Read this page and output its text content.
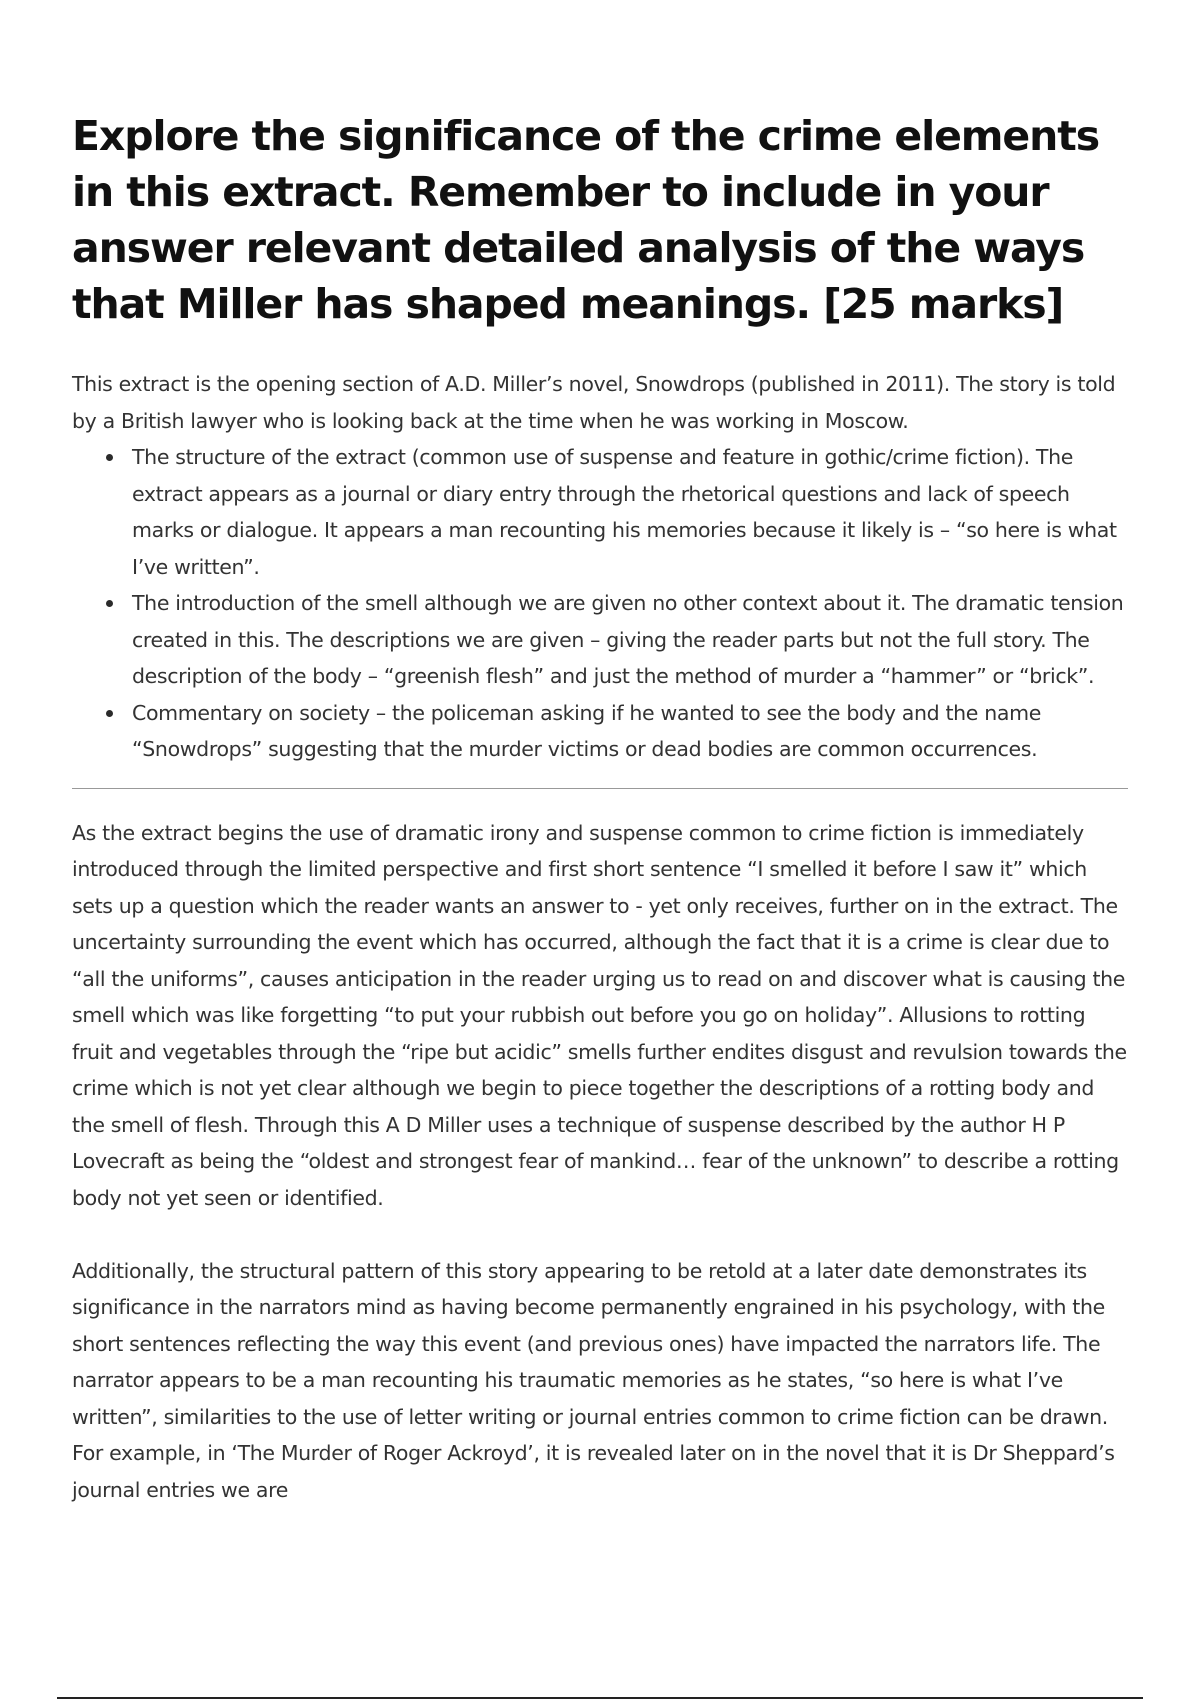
Explore the significance of the crime elements in this extract. Remember to include in your answer relevant detailed analysis of the ways that Miller has shaped meanings. [25 marks]

This extract is the opening section of A.D. Miller’s novel, Snowdrops (published in 2011). The story is told by a British lawyer who is looking back at the time when he was working in Moscow.

The structure of the extract (common use of suspense and feature in gothic/crime fiction). The extract appears as a journal or diary entry through the rhetorical questions and lack of speech marks or dialogue. It appears a man recounting his memories because it likely is – “so here is what I’ve written”.
The introduction of the smell although we are given no other context about it. The dramatic tension created in this. The descriptions we are given – giving the reader parts but not the full story. The description of the body – “greenish flesh” and just the method of murder a “hammer” or “brick”.
Commentary on society – the policeman asking if he wanted to see the body and the name “Snowdrops” suggesting that the murder victims or dead bodies are common occurrences.

As the extract begins the use of dramatic irony and suspense common to crime fiction is immediately introduced through the limited perspective and first short sentence “I smelled it before I saw it” which sets up a question which the reader wants an answer to - yet only receives, further on in the extract. The uncertainty surrounding the event which has occurred, although the fact that it is a crime is clear due to “all the uniforms”, causes anticipation in the reader urging us to read on and discover what is causing the smell which was like forgetting “to put your rubbish out before you go on holiday”. Allusions to rotting fruit and vegetables through the “ripe but acidic” smells further endites disgust and revulsion towards the crime which is not yet clear although we begin to piece together the descriptions of a rotting body and the smell of flesh. Through this A D Miller uses a technique of suspense described by the author H P Lovecraft as being the “oldest and strongest fear of mankind… fear of the unknown” to describe a rotting body not yet seen or identified.

Additionally, the structural pattern of this story appearing to be retold at a later date demonstrates its significance in the narrators mind as having become permanently engrained in his psychology, with the short sentences reflecting the way this event (and previous ones) have impacted the narrators life. The narrator appears to be a man recounting his traumatic memories as he states, “so here is what I’ve written”, similarities to the use of letter writing or journal entries common to crime fiction can be drawn. For example, in ‘The Murder of Roger Ackroyd’, it is revealed later on in the novel that it is Dr Sheppard’s journal entries we are
